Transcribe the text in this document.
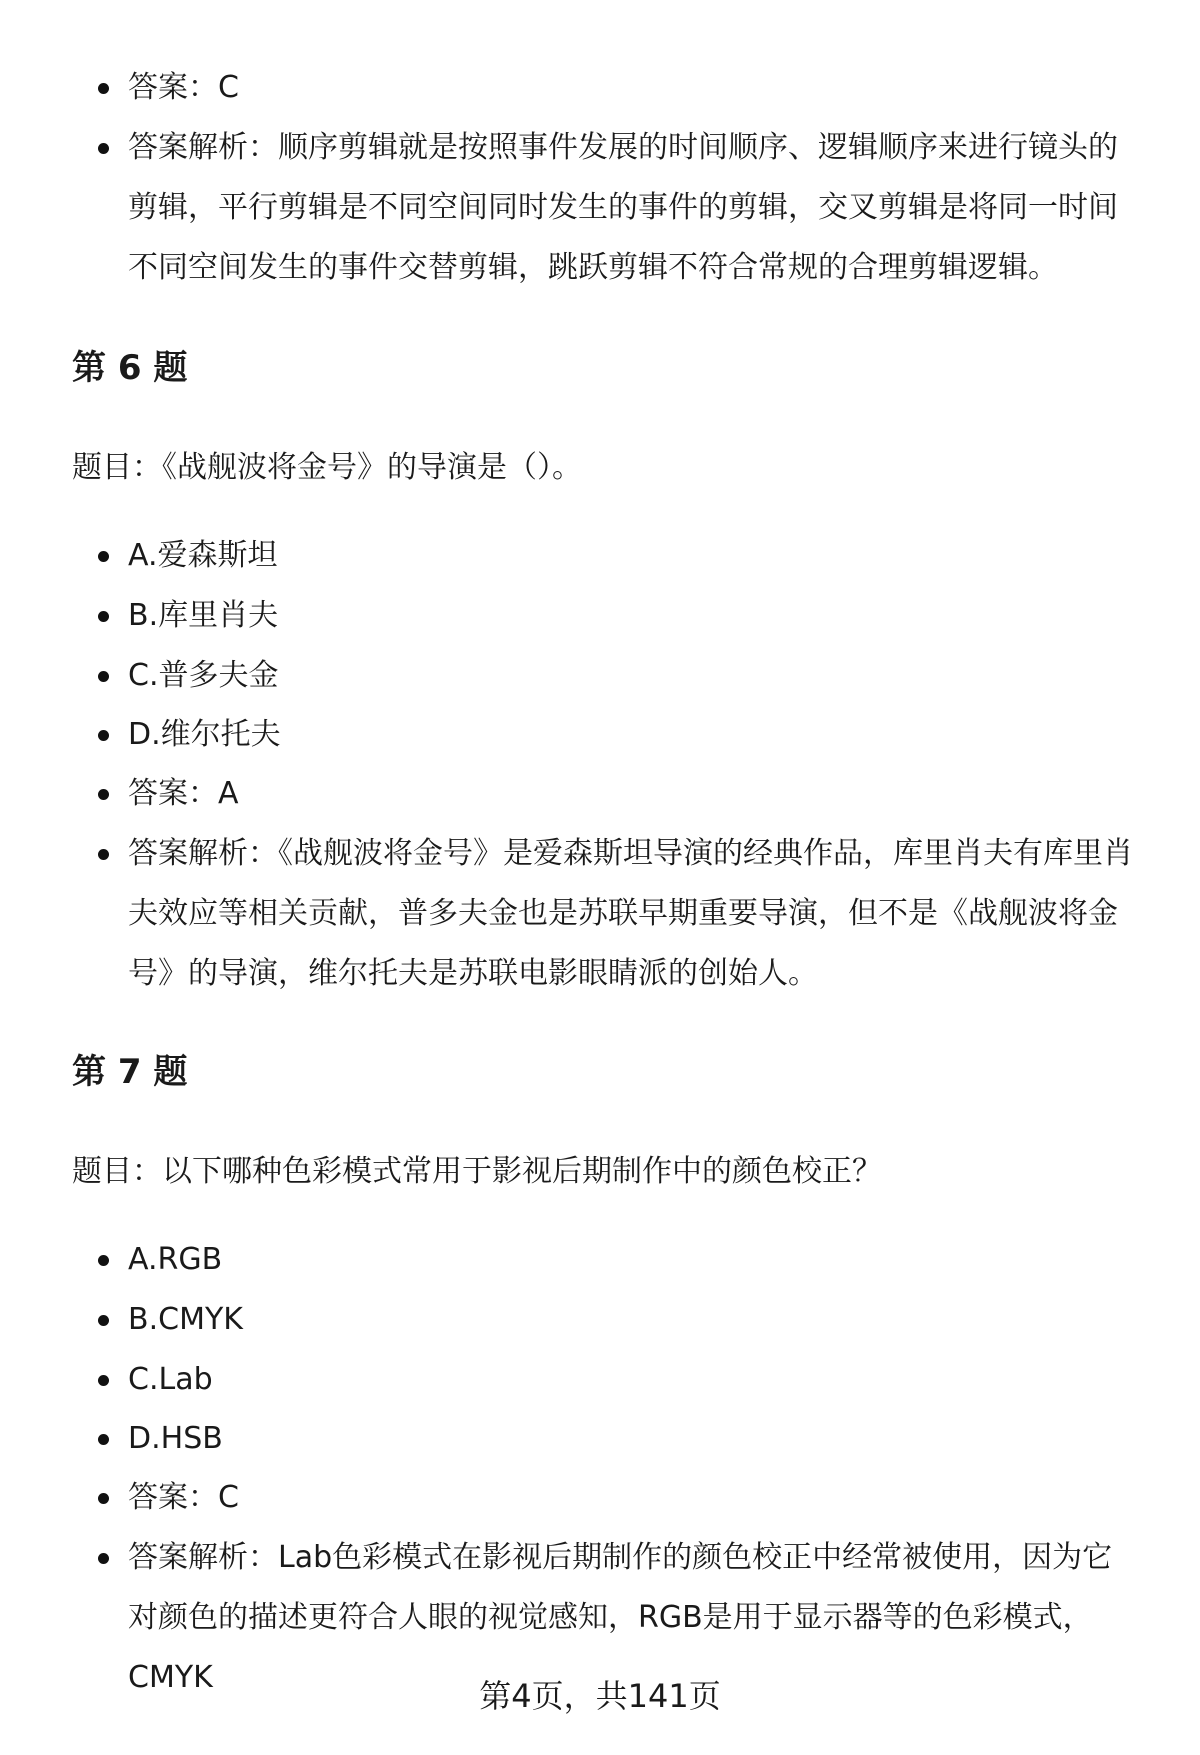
答案：C

答案解析：顺序剪辑就是按照事件发展的时间顺序、逻辑顺序来进行镜头的剪辑，平行剪辑是不同空间同时发生的事件的剪辑，交叉剪辑是将同一时间不同空间发生的事件交替剪辑，跳跃剪辑不符合常规的合理剪辑逻辑。

第 6 题

题目：《战舰波将金号》的导演是（）。

A.爱森斯坦

B.库里肖夫

C.普多夫金

D.维尔托夫

答案：A

答案解析：《战舰波将金号》是爱森斯坦导演的经典作品，库里肖夫有库里肖夫效应等相关贡献，普多夫金也是苏联早期重要导演，但不是《战舰波将金号》的导演，维尔托夫是苏联电影眼睛派的创始人。

第 7 题

题目：以下哪种色彩模式常用于影视后期制作中的颜色校正？

A.RGB

B.CMYK

C.Lab

D.HSB

答案：C

答案解析：Lab色彩模式在影视后期制作的颜色校正中经常被使用，因为它对颜色的描述更符合人眼的视觉感知，RGB是用于显示器等的色彩模式，CMYK	第4页，共141页
